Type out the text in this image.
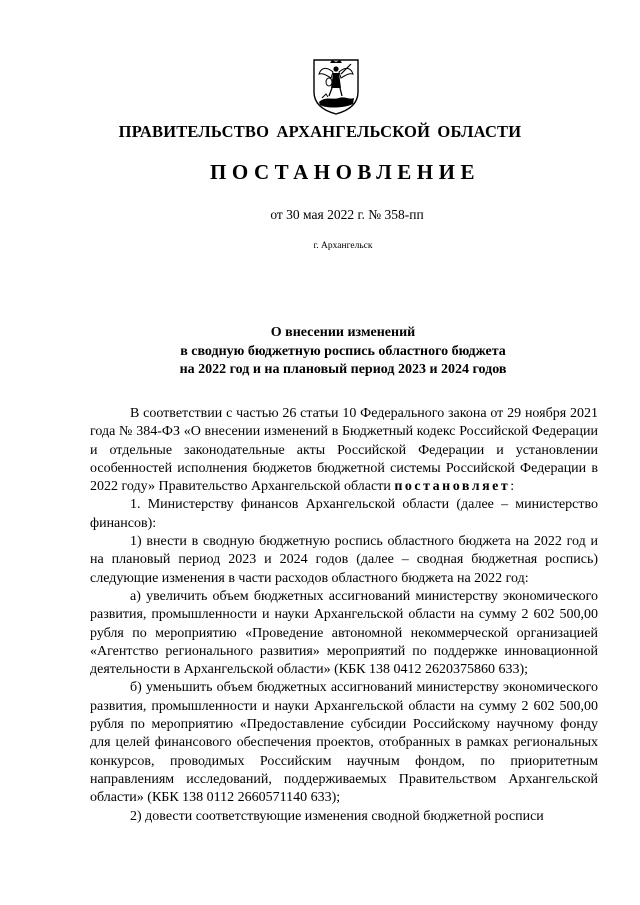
ПРАВИТЕЛЬСТВО АРХАНГЕЛЬСКОЙ ОБЛАСТИ
ПОСТАНОВЛЕНИЕ
от 30 мая 2022 г. № 358-пп
г. Архангельск
О внесении изменений
в сводную бюджетную роспись областного бюджета
на 2022 год и на плановый период 2023 и 2024 годов

В соответствии с частью 26 статьи 10 Федерального закона от 29 ноября 2021 года № 384-ФЗ «О внесении изменений в Бюджетный кодекс Российской Федерации и отдельные законодательные акты Российской Федерации и установлении особенностей исполнения бюджетов бюджетной системы Российской Федерации в 2022 году» Правительство Архангельской области постановляет:

1. Министерству финансов Архангельской области (далее – министерство финансов):

1) внести в сводную бюджетную роспись областного бюджета на 2022 год и на плановый период 2023 и 2024 годов (далее – сводная бюджетная роспись) следующие изменения в части расходов областного бюджета на 2022 год:

а) увеличить объем бюджетных ассигнований министерству экономического развития, промышленности и науки Архангельской области на сумму 2 602 500,00 рубля по мероприятию «Проведение автономной некоммерческой организацией «Агентство регионального развития» мероприятий по поддержке инновационной деятельности в Архангельской области» (КБК 138 0412 2620375860 633);

б) уменьшить объем бюджетных ассигнований министерству экономического развития, промышленности и науки Архангельской области на сумму 2 602 500,00 рубля по мероприятию «Предоставление субсидии Российскому научному фонду для целей финансового обеспечения проектов, отобранных в рамках региональных конкурсов, проводимых Российским научным фондом, по приоритетным направлениям исследований, поддерживаемых Правительством Архангельской области» (КБК 138 0112 2660571140 633);

2) довести соответствующие изменения сводной бюджетной росписи
